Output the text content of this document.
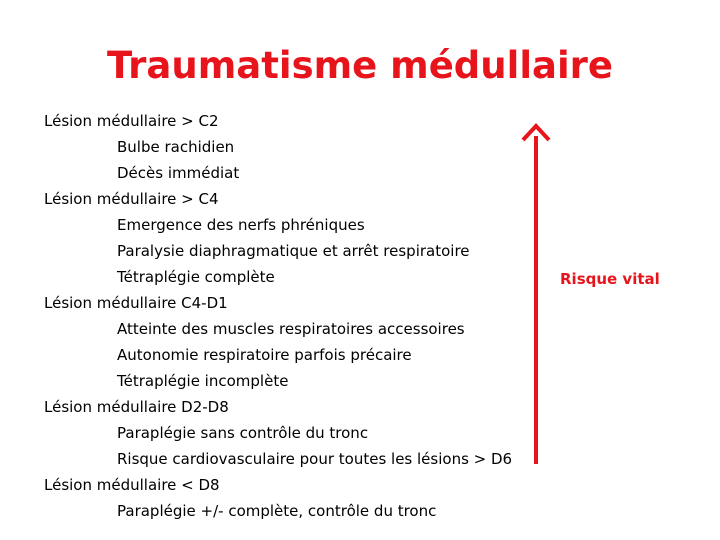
Traumatisme médullaire
Lésion médullaire > C2
Bulbe rachidien
Décès immédiat
Lésion médullaire > C4
Emergence des nerfs phréniques
Paralysie diaphragmatique et arrêt respiratoire
Tétraplégie complète
Lésion médullaire C4-D1
Atteinte des muscles respiratoires accessoires
Autonomie respiratoire parfois précaire
Tétraplégie incomplète
Lésion médullaire D2-D8
Paraplégie sans contrôle du tronc
Risque cardiovasculaire pour toutes les lésions > D6
Lésion médullaire < D8
Paraplégie +/- complète, contrôle du tronc
Risque vital
